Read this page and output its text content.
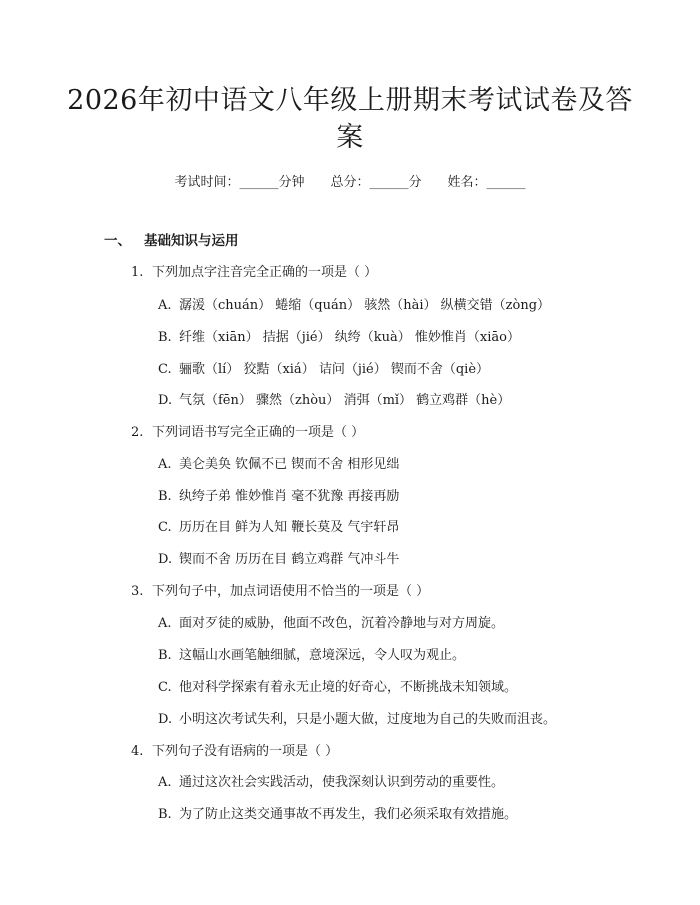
2026年初中语文八年级上册期末考试试卷及答案
考试时间：______分钟 总分：______分 姓名：______
一、 基础知识与运用
1. 下列加点字注音完全正确的一项是（ ）
A. 潺湲（chuán） 蜷缩（quán） 骇然（hài） 纵横交错（zòng）
B. 纤维（xiān） 拮据（jié） 纨绔（kuà） 惟妙惟肖（xiāo）
C. 骊歌（lí） 狡黠（xiá） 诘问（jié） 锲而不舍（qiè）
D. 气氛（fēn） 骤然（zhòu） 消弭（mǐ） 鹤立鸡群（hè）
2. 下列词语书写完全正确的一项是（ ）
A. 美仑美奂 钦佩不已 锲而不舍 相形见绌
B. 纨绔子弟 惟妙惟肖 毫不犹豫 再接再励
C. 历历在目 鲜为人知 鞭长莫及 气宇轩昂
D. 锲而不舍 历历在目 鹤立鸡群 气冲斗牛
3. 下列句子中，加点词语使用不恰当的一项是（ ）
A. 面对歹徒的威胁，他面不改色，沉着冷静地与对方周旋。
B. 这幅山水画笔触细腻，意境深远，令人叹为观止。
C. 他对科学探索有着永无止境的好奇心，不断挑战未知领域。
D. 小明这次考试失利，只是小题大做，过度地为自己的失败而沮丧。
4. 下列句子没有语病的一项是（ ）
A. 通过这次社会实践活动，使我深刻认识到劳动的重要性。
B. 为了防止这类交通事故不再发生，我们必须采取有效措施。
